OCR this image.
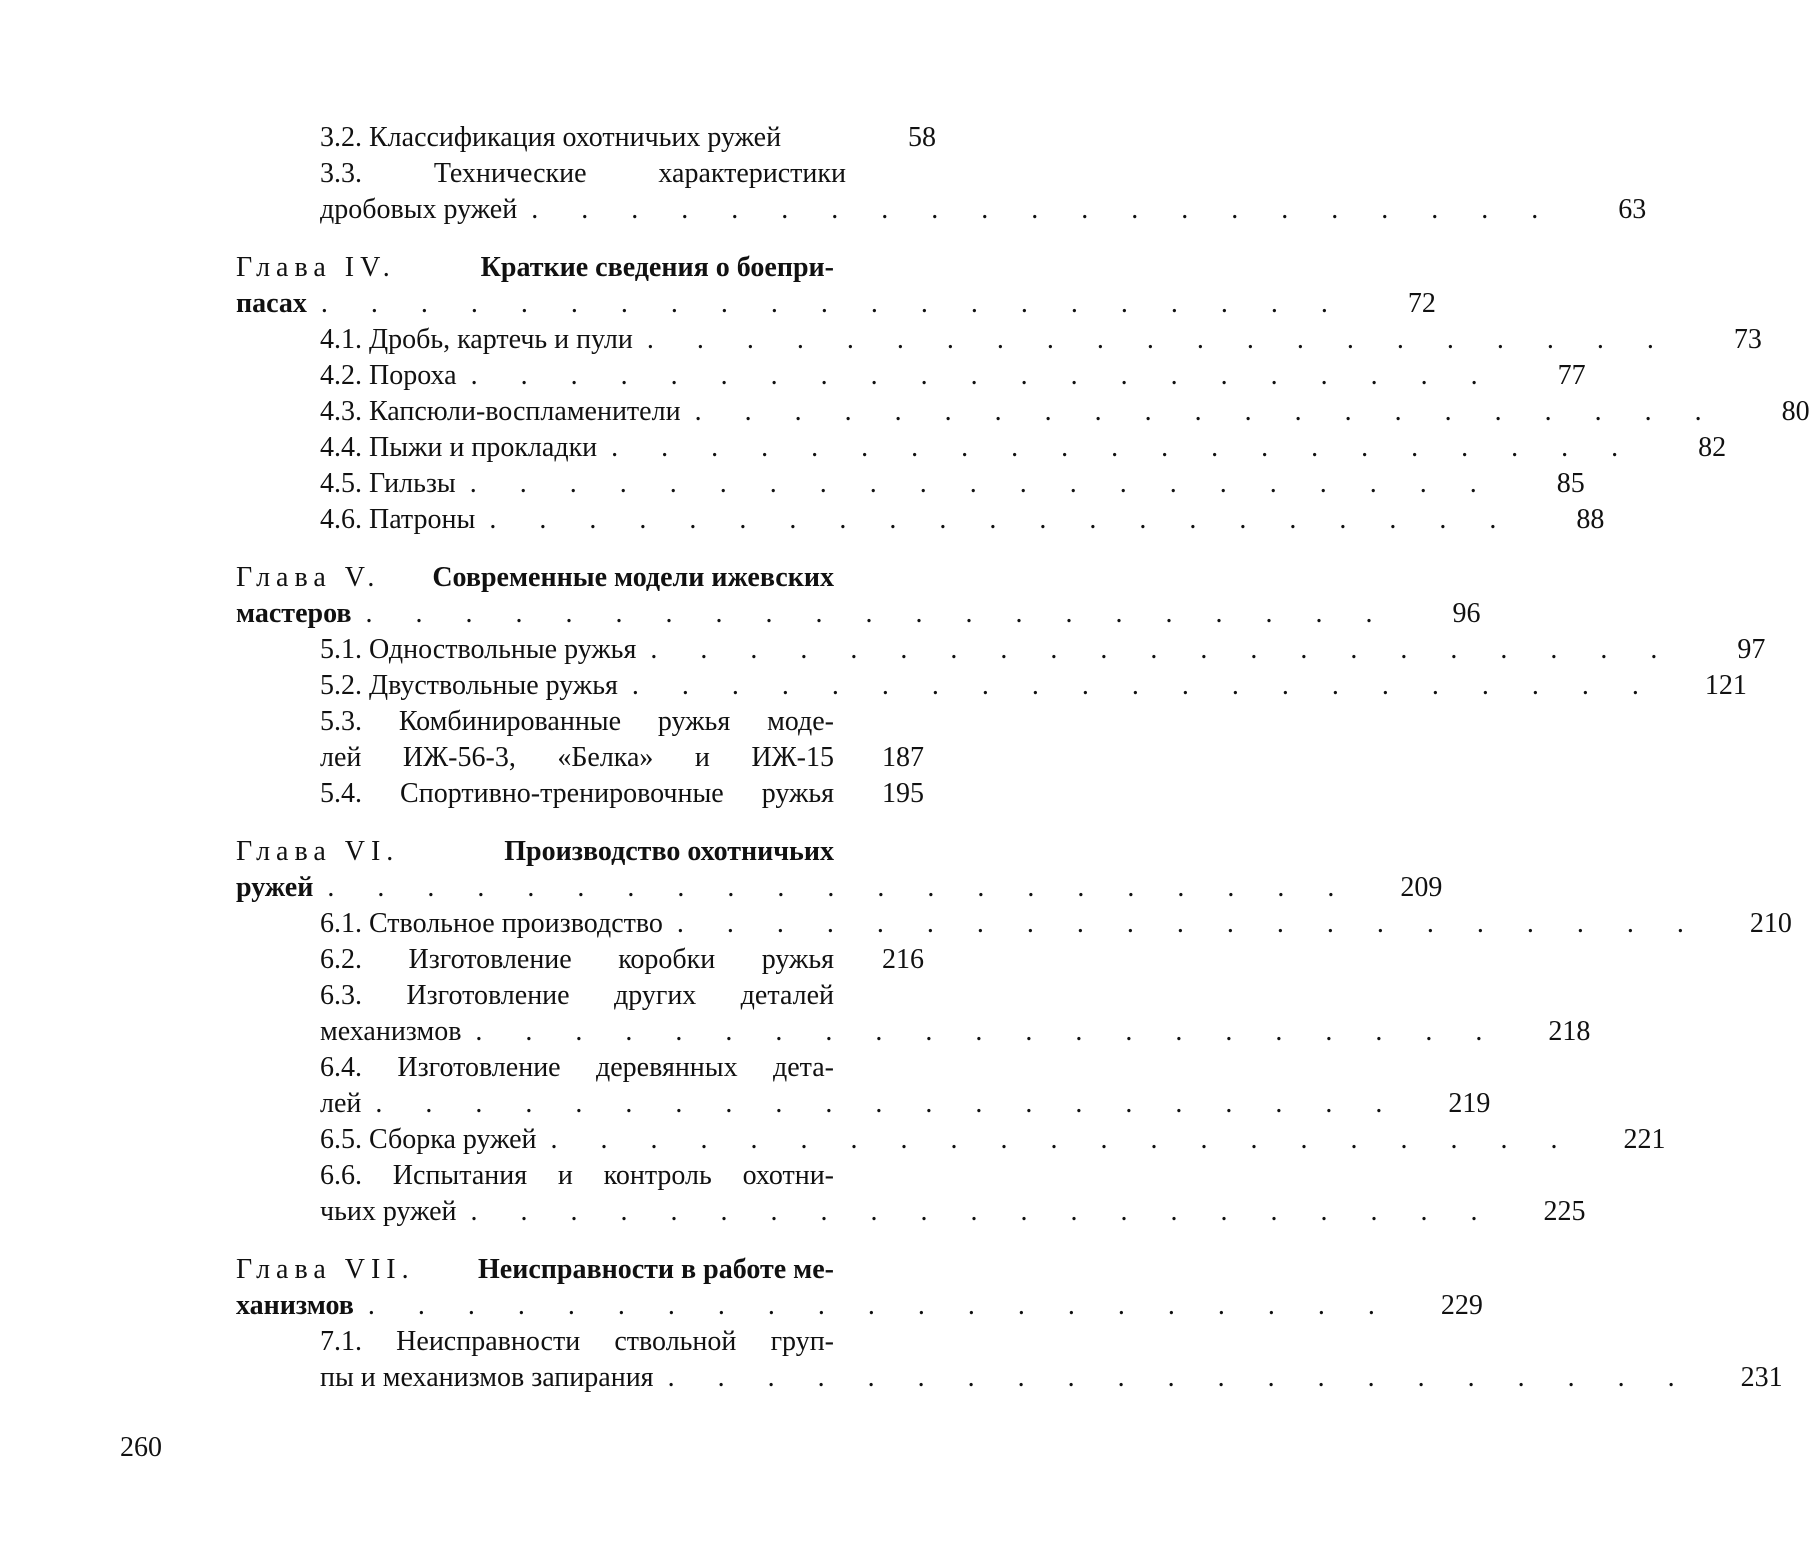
3.2. Классификация охотничьих ружей	58
3.3. Технические характеристики
дробовых ружей . . . . . . . . . . . . . . . . . . . . .	63
Глава IV.	Краткие сведения о боепри-
пасах . . . . . . . . . . . . . . . . . . . . .	72
4.1. Дробь, картечь и пули . . . . . . . . . . . . . . . . . . . . .	73
4.2. Пороха . . . . . . . . . . . . . . . . . . . . .	77
4.3. Капсюли-воспламенители . . . . . . . . . . . . . . . . . . . . .	80
4.4. Пыжи и прокладки . . . . . . . . . . . . . . . . . . . . .	82
4.5. Гильзы . . . . . . . . . . . . . . . . . . . . .	85
4.6. Патроны . . . . . . . . . . . . . . . . . . . . .	88
Глава V. Современные модели ижевских
мастеров . . . . . . . . . . . . . . . . . . . . .	96
5.1. Одноствольные ружья . . . . . . . . . . . . . . . . . . . . .	97
5.2. Двуствольные ружья . . . . . . . . . . . . . . . . . . . . .	121
5.3. Комбинированные ружья моде-
лей ИЖ-56-3, «Белка» и ИЖ-15	187
5.4. Спортивно-тренировочные ружья	195
Глава VI.	Производство охотничьих
ружей . . . . . . . . . . . . . . . . . . . . .	209
6.1. Ствольное производство . . . . . . . . . . . . . . . . . . . . .	210
6.2. Изготовление коробки ружья	216
6.3. Изготовление других деталей
механизмов . . . . . . . . . . . . . . . . . . . . .	218
6.4. Изготовление деревянных дета-
лей . . . . . . . . . . . . . . . . . . . . .	219
6.5. Сборка ружей . . . . . . . . . . . . . . . . . . . . .	221
6.6. Испытания и контроль охотни-
чьих ружей . . . . . . . . . . . . . . . . . . . . .	225
Глава VII. Неисправности в работе ме-
ханизмов . . . . . . . . . . . . . . . . . . . . .	229
7.1. Неисправности ствольной груп-
пы и механизмов запирания . . . . . . . . . . . . . . . . . . . . .	231
260
